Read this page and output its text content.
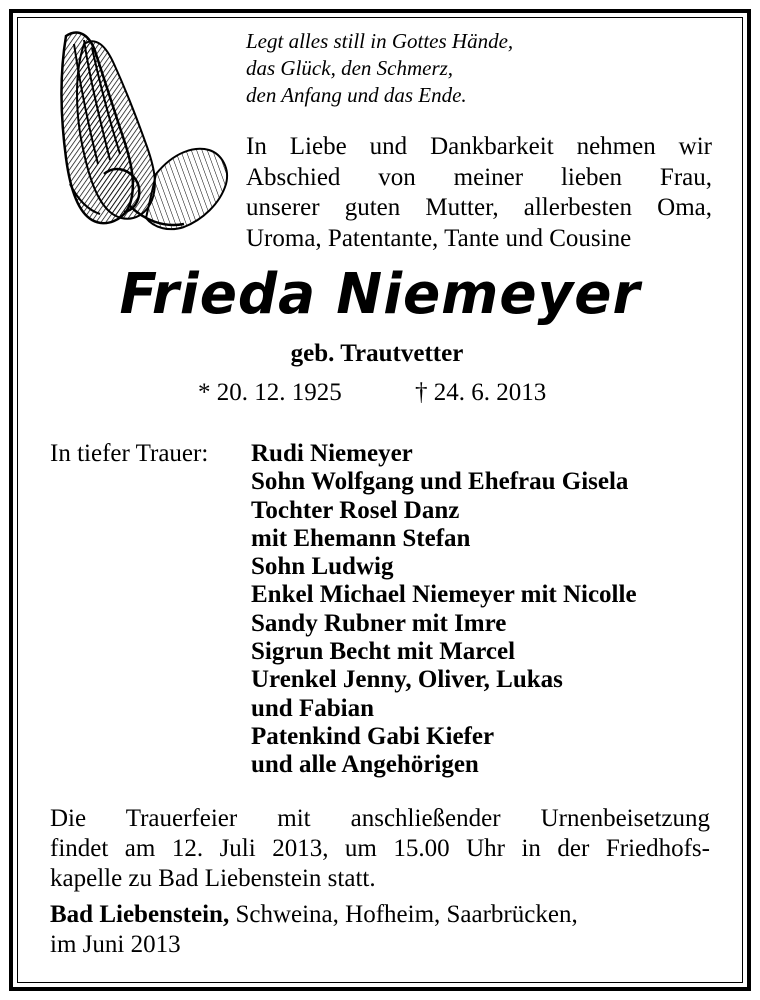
Legt alles still in Gottes Hände,
das Glück, den Schmerz,
den Anfang und das Ende.
In Liebe und Dankbarkeit nehmen wir
Abschied von meiner lieben Frau,
unserer guten Mutter, allerbesten Oma,
Uroma, Patentante, Tante und Cousine
Frieda Niemeyer
geb. Trautvetter
* 20. 12. 1925	† 24. 6. 2013
In tiefer Trauer: Rudi Niemeyer
Sohn Wolfgang und Ehefrau Gisela
Tochter Rosel Danz
mit Ehemann Stefan
Sohn Ludwig
Enkel Michael Niemeyer mit Nicolle
Sandy Rubner mit Imre
Sigrun Becht mit Marcel
Urenkel Jenny, Oliver, Lukas
und Fabian
Patenkind Gabi Kiefer
und alle Angehörigen
Die Trauerfeier mit anschließender Urnenbeisetzung
findet am 12. Juli 2013, um 15.00 Uhr in der Friedhofs-
kapelle zu Bad Liebenstein statt.
Bad Liebenstein, Schweina, Hofheim, Saarbrücken,
im Juni 2013
